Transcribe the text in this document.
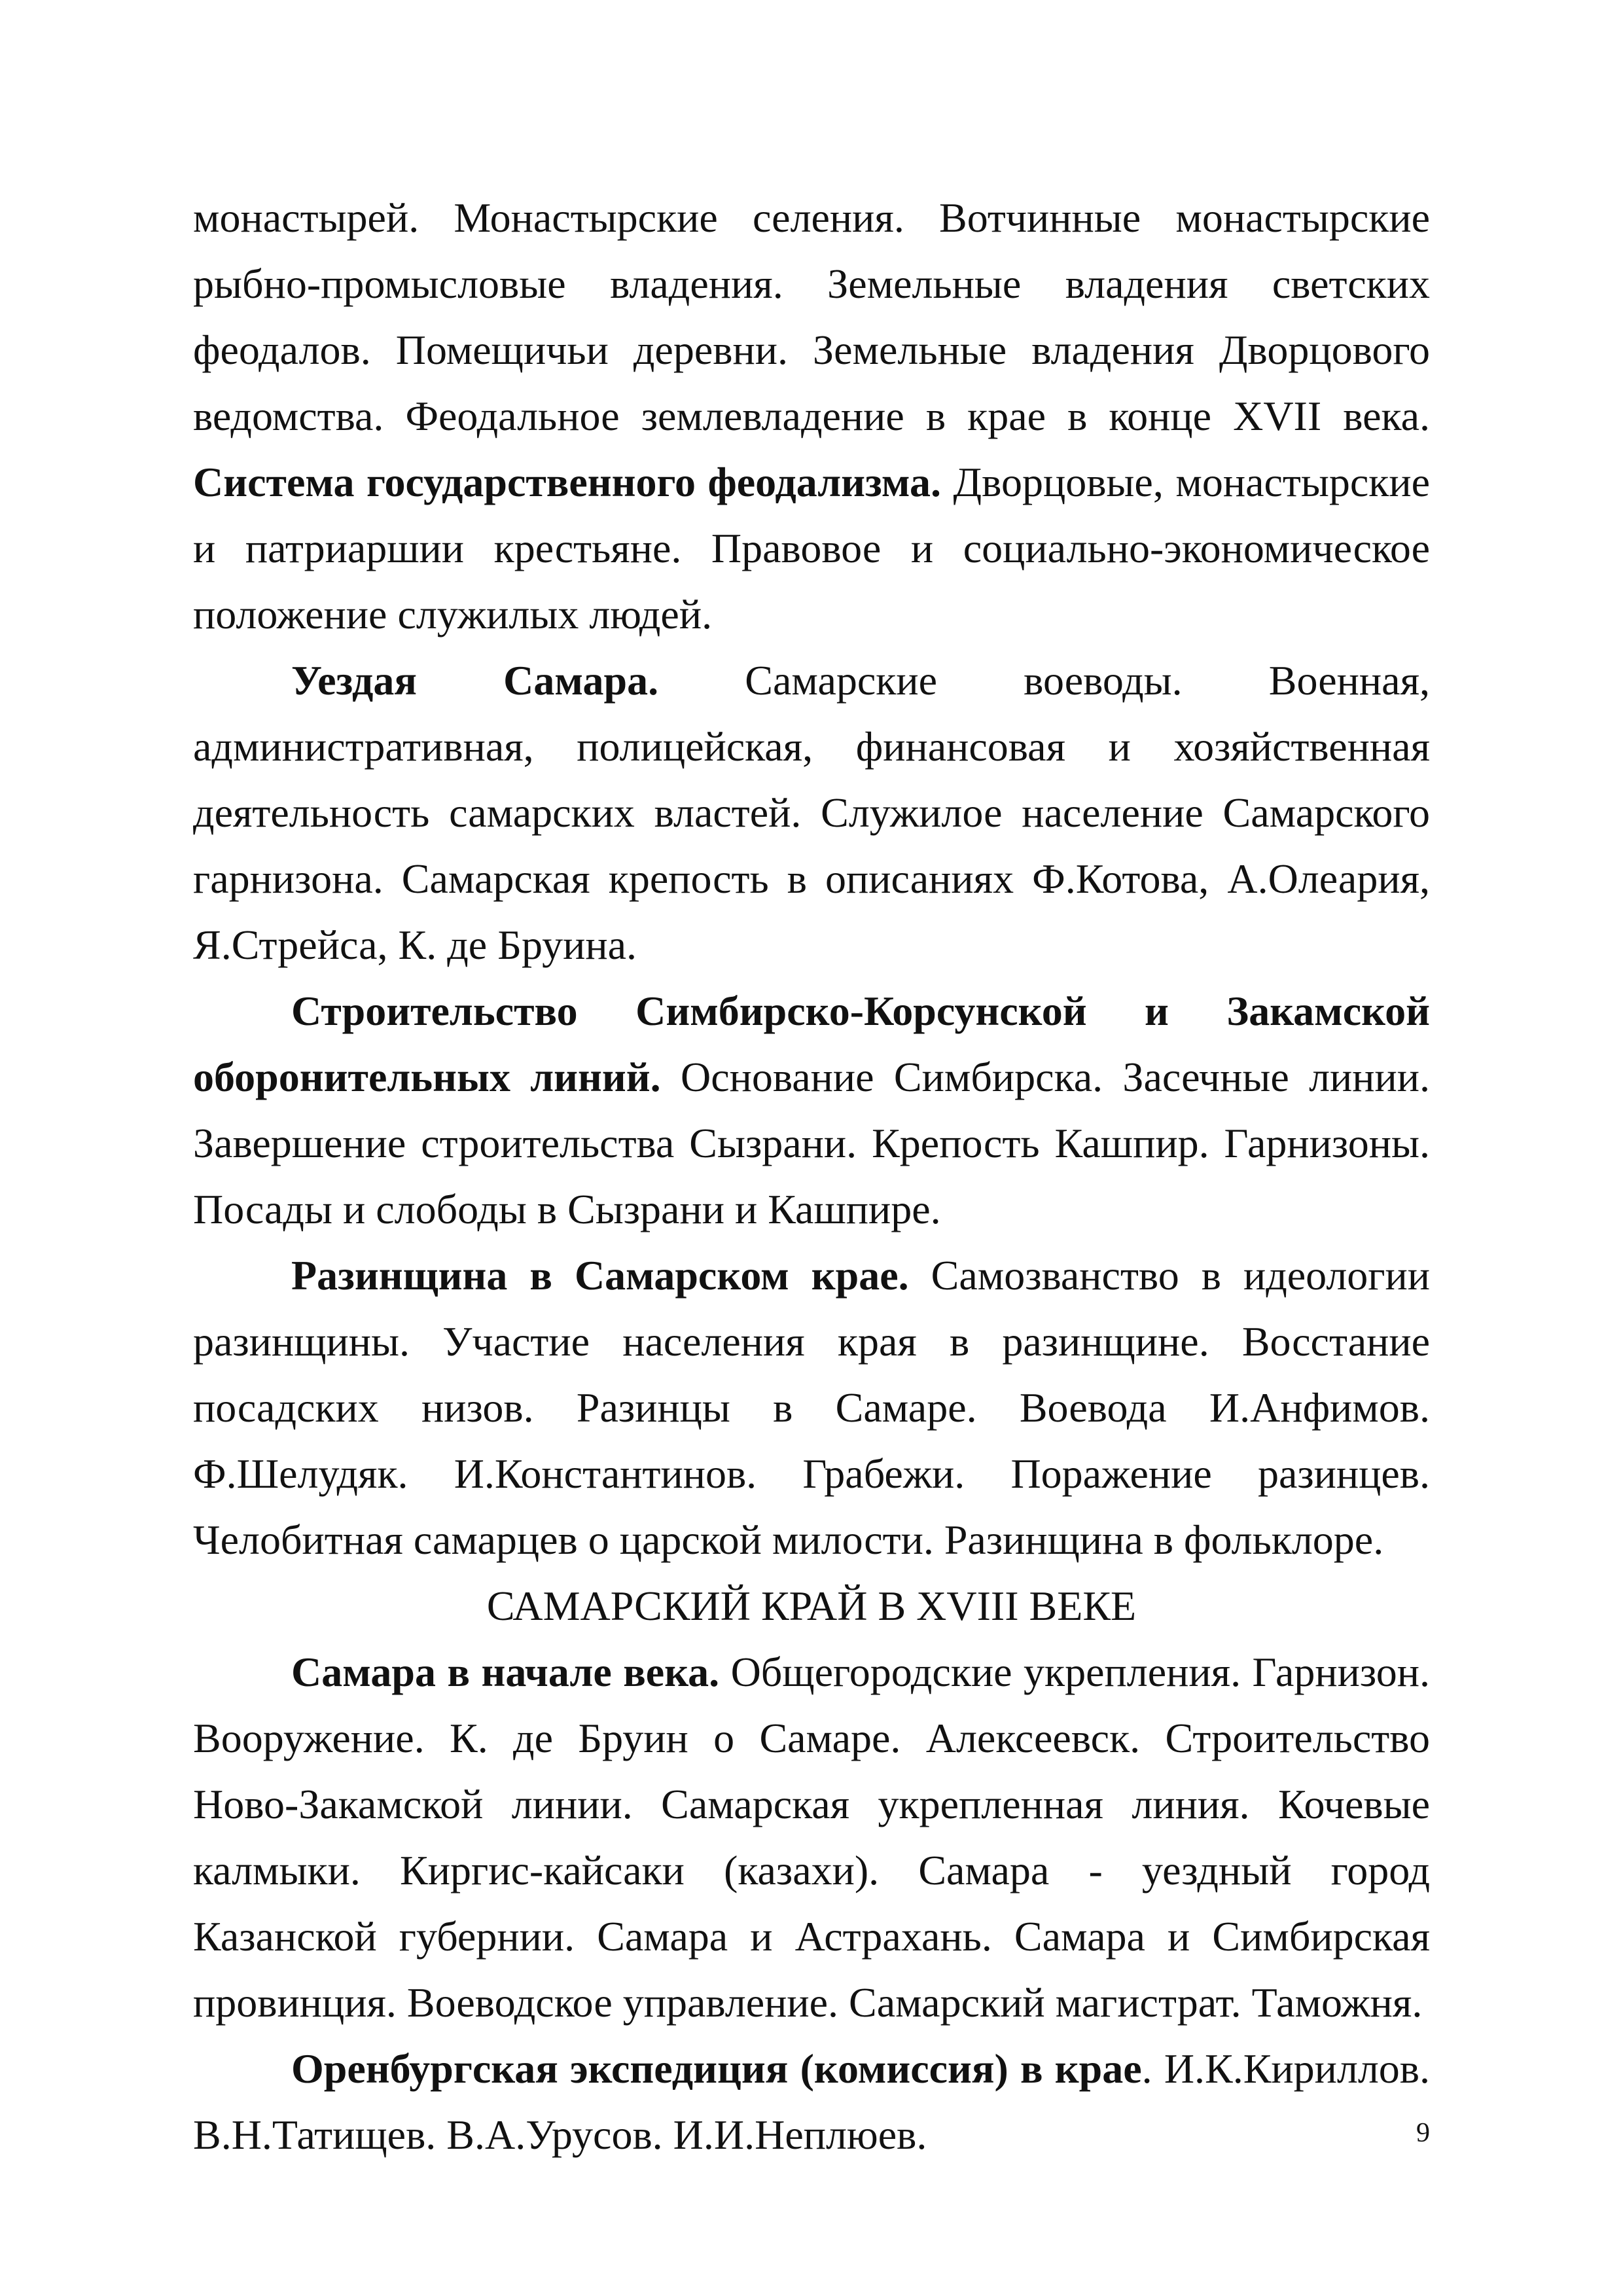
монастырей. Монастырские селения. Вотчинные монастырские рыбно-промысловые владения. Земельные владения светских феодалов. Помещичьи деревни. Земельные владения Дворцового ведомства. Феодальное землевладение в крае в конце XVII века. Система государственного феодализма. Дворцовые, монастырские и патриаршии крестьяне. Правовое и социально-экономическое положение служилых людей.

Уездая Самара. Самарские воеводы. Военная, административная, полицейская, финансовая и хозяйственная деятельность самарских властей. Служилое население Самарского гарнизона. Самарская крепость в описаниях Ф.Котова, А.Олеария, Я.Стрейса, К. де Бруина.

Строительство Симбирско-Корсунской и Закамской оборонительных линий. Основание Симбирска. Засечные линии. Завершение строительства Сызрани. Крепость Кашпир. Гарнизоны. Посады и слободы в Сызрани и Кашпире.

Разинщина в Самарском крае. Самозванство в идеологии разинщины. Участие населения края в разинщине. Восстание посадских низов. Разинцы в Самаре. Воевода И.Анфимов. Ф.Шелудяк. И.Константинов. Грабежи. Поражение разинцев. Челобитная самарцев о царской милости. Разинщина в фольклоре.

САМАРСКИЙ КРАЙ В XVIII ВЕКЕ

Самара в начале века. Общегородские укрепления. Гарнизон. Вооружение. К. де Бруин о Самаре. Алексеевск. Строительство Ново-Закамской линии. Самарская укрепленная линия. Кочевые калмыки. Киргис-кайсаки (казахи). Самара - уездный город Казанской губернии. Самара и Астрахань. Самара и Симбирская провинция. Воеводское управление. Самарский магистрат. Таможня.

Оренбургская экспедиция (комиссия) в крае. И.К.Кириллов. В.Н.Татищев. В.А.Урусов. И.И.Неплюев.	9
